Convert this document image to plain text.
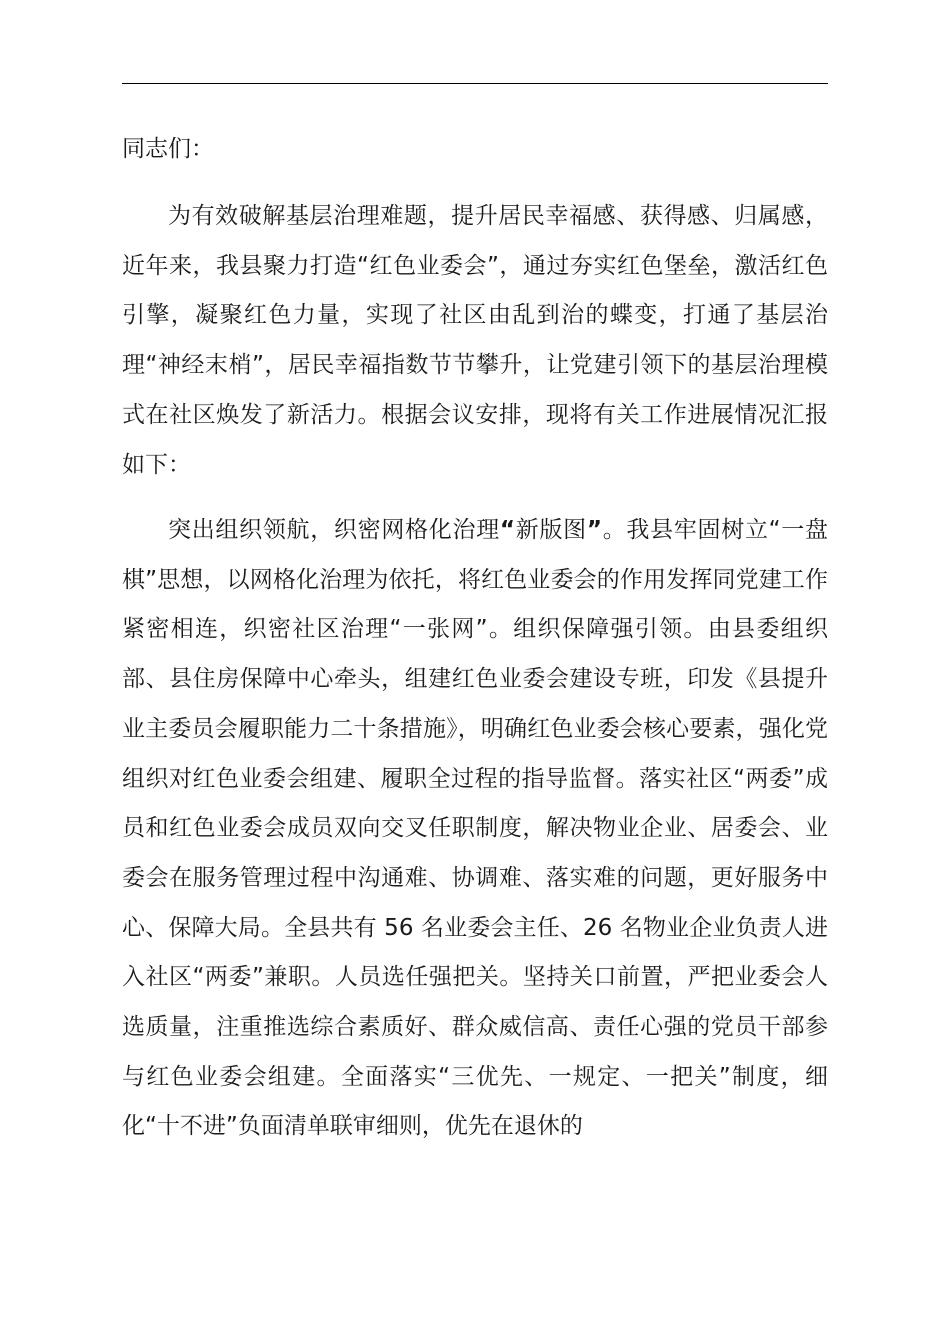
同志们：

为有效破解基层治理难题，提升居民幸福感、获得感、归属感，近年来，我县聚力打造“红色业委会”，通过夯实红色堡垒，激活红色引擎，凝聚红色力量，实现了社区由乱到治的蝶变，打通了基层治理“神经末梢”，居民幸福指数节节攀升，让党建引领下的基层治理模式在社区焕发了新活力。根据会议安排，现将有关工作进展情况汇报如下：

突出组织领航，织密网格化治理“新版图”。我县牢固树立“一盘棋”思想，以网格化治理为依托，将红色业委会的作用发挥同党建工作紧密相连，织密社区治理“一张网”。组织保障强引领。由县委组织部、县住房保障中心牵头，组建红色业委会建设专班，印发《县提升业主委员会履职能力二十条措施》，明确红色业委会核心要素，强化党组织对红色业委会组建、履职全过程的指导监督。落实社区“两委”成员和红色业委会成员双向交叉任职制度，解决物业企业、居委会、业委会在服务管理过程中沟通难、协调难、落实难的问题，更好服务中心、保障大局。全县共有 56 名业委会主任、26 名物业企业负责人进入社区“两委”兼职。人员选任强把关。坚持关口前置，严把业委会人选质量，注重推选综合素质好、群众威信高、责任心强的党员干部参与红色业委会组建。全面落实“三优先、一规定、一把关”制度，细化“十不进”负面清单联审细则，优先在退休的
